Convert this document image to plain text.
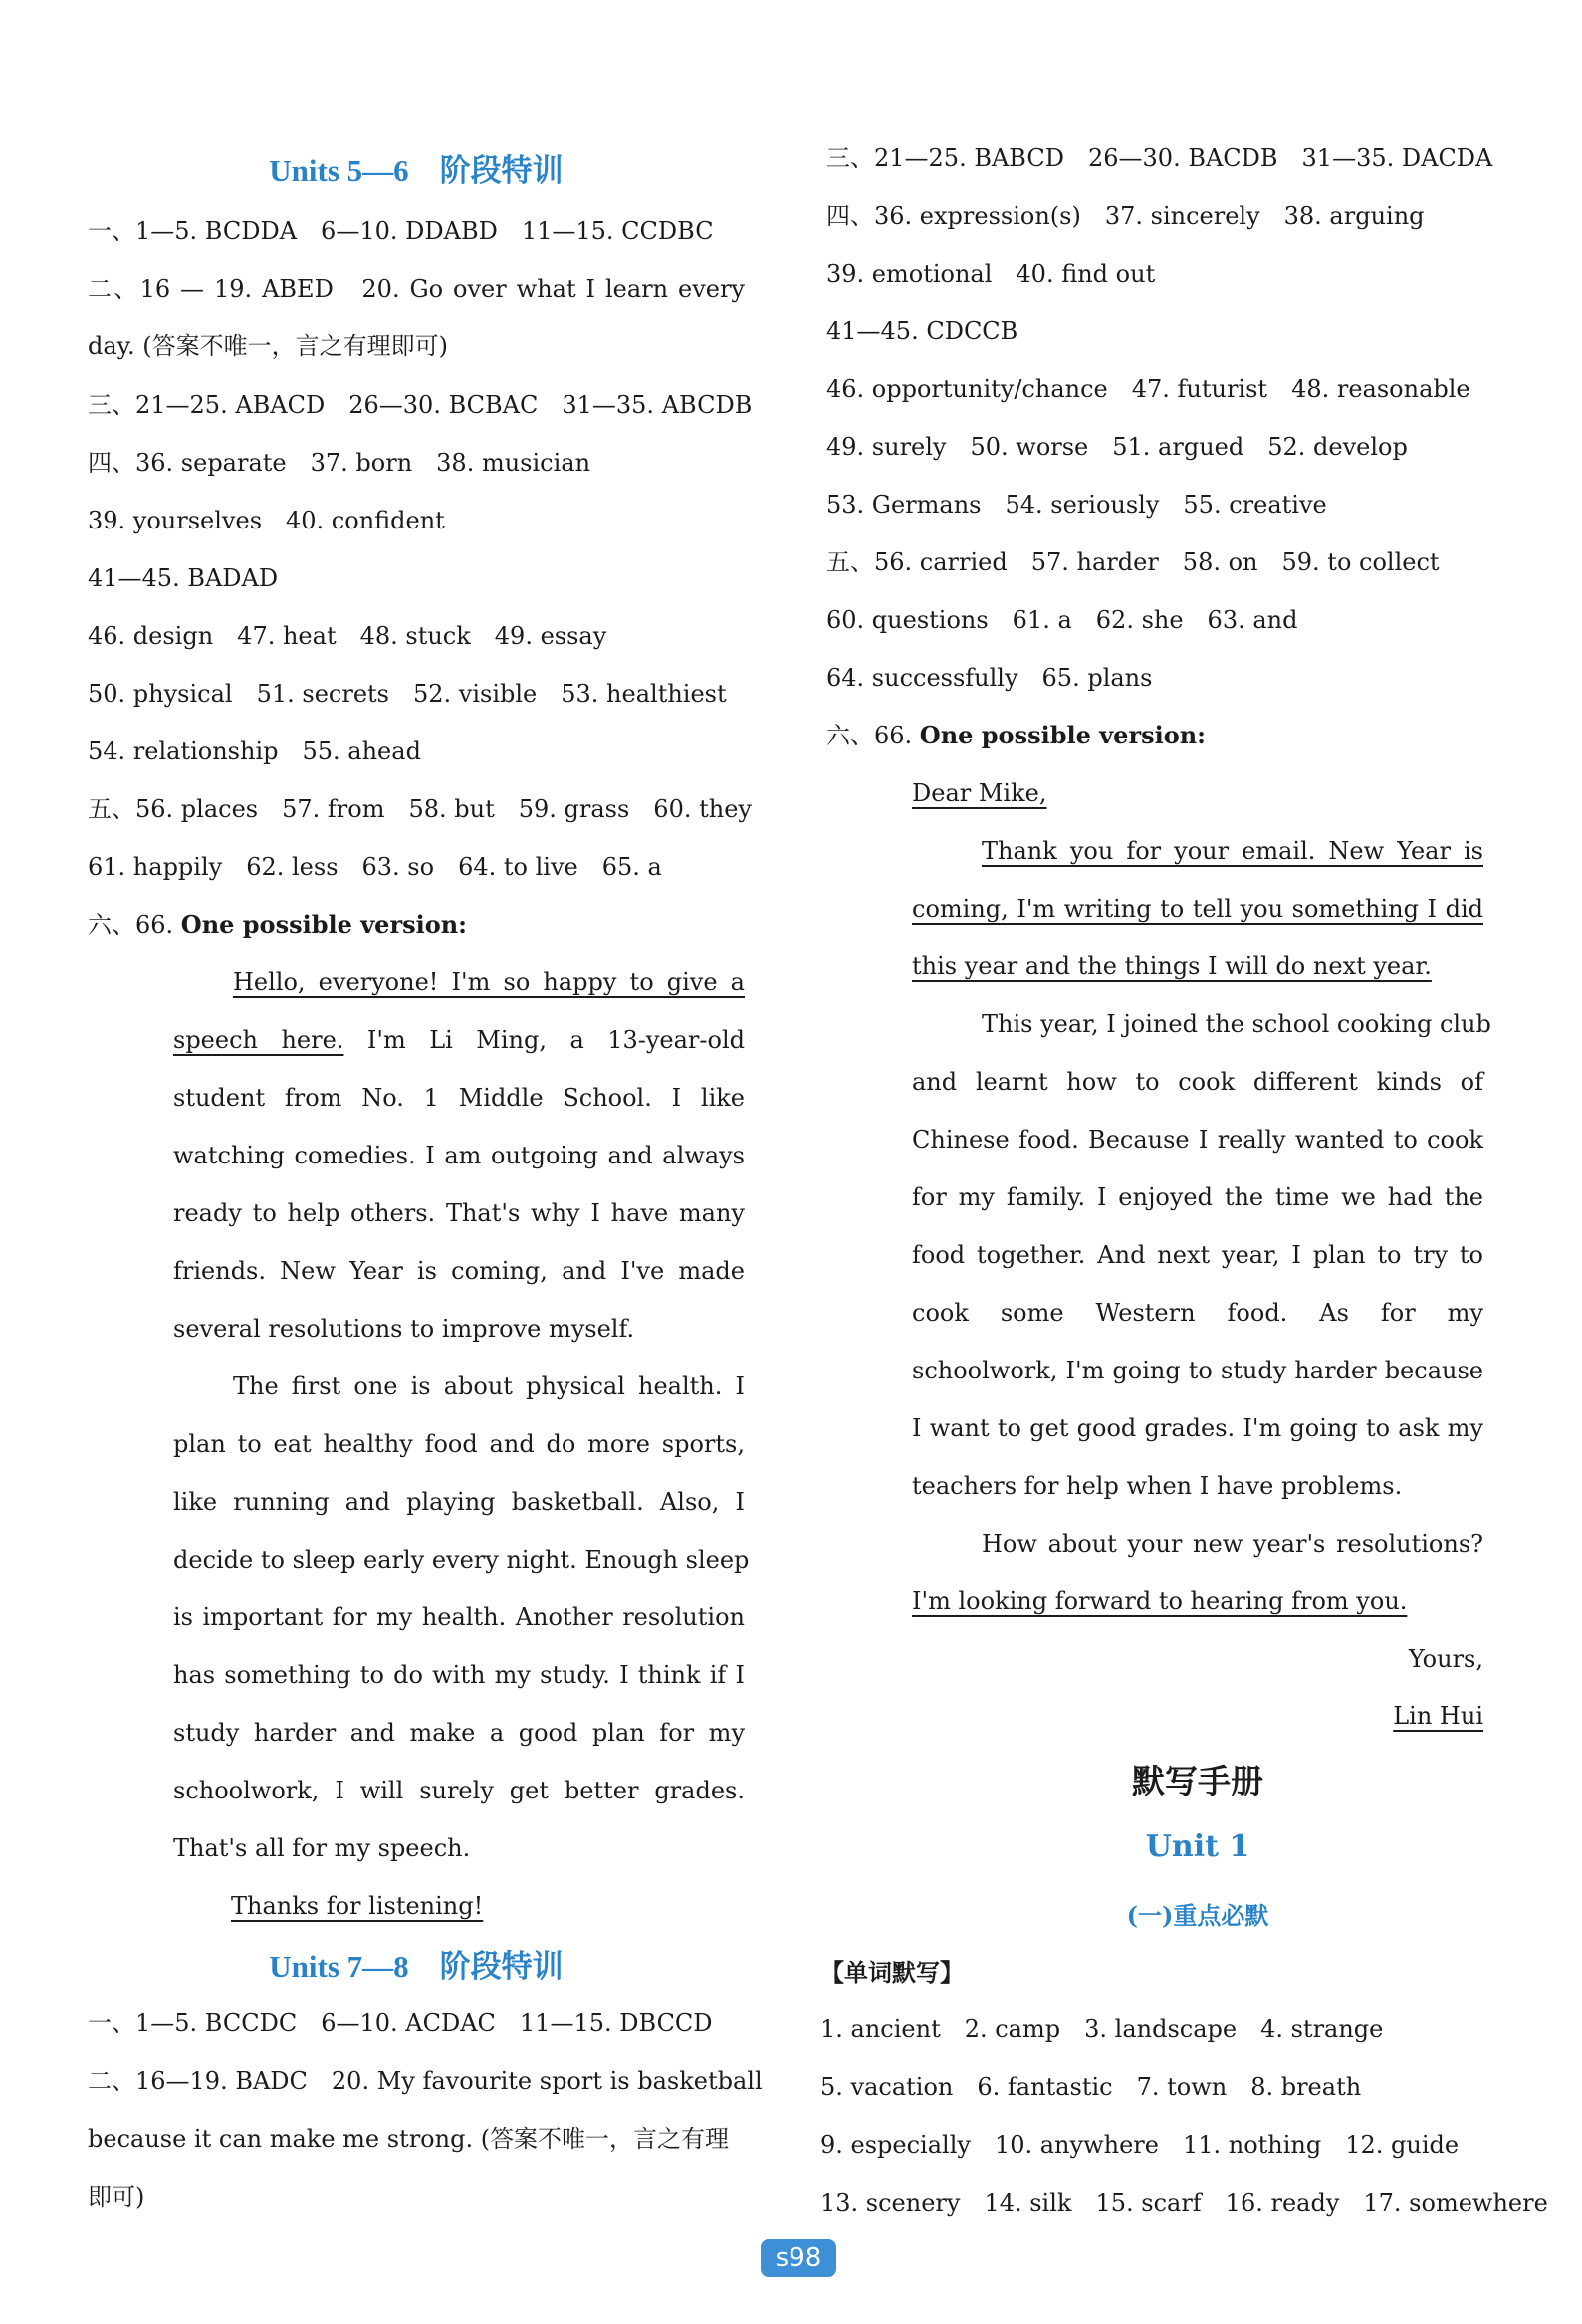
Units 5—6　阶段特训
一、1—5. BCDDA　6—10. DDABD　11—15. CCDBC
二、16 — 19. ABED　20. Go over what I learn every
day. (答案不唯一，言之有理即可)
三、21—25. ABACD　26—30. BCBAC　31—35. ABCDB
四、36. separate　37. born　38. musician
39. yourselves　40. confident
41—45. BADAD
46. design　47. heat　48. stuck　49. essay
50. physical　51. secrets　52. visible　53. healthiest
54. relationship　55. ahead
五、56. places　57. from　58. but　59. grass　60. they
61. happily　62. less　63. so　64. to live　65. a
六、66. One possible version:
Hello, everyone! I'm so happy to give a
speech here. I'm Li Ming, a 13-year-old
student from No. 1 Middle School. I like
watching comedies. I am outgoing and always
ready to help others. That's why I have many
friends. New Year is coming, and I've made
several resolutions to improve myself.
The first one is about physical health. I
plan to eat healthy food and do more sports,
like running and playing basketball. Also, I
decide to sleep early every night. Enough sleep
is important for my health. Another resolution
has something to do with my study. I think if I
study harder and make a good plan for my
schoolwork, I will surely get better grades.
That's all for my speech.
Thanks for listening!
Units 7—8　阶段特训
一、1—5. BCCDC　6—10. ACDAC　11—15. DBCCD
二、16—19. BADC　20. My favourite sport is basketball
because it can make me strong. (答案不唯一，言之有理
即可)
三、21—25. BABCD　26—30. BACDB　31—35. DACDA
四、36. expression(s)　37. sincerely　38. arguing
39. emotional　40. find out
41—45. CDCCB
46. opportunity/chance　47. futurist　48. reasonable
49. surely　50. worse　51. argued　52. develop
53. Germans　54. seriously　55. creative
五、56. carried　57. harder　58. on　59. to collect
60. questions　61. a　62. she　63. and
64. successfully　65. plans
六、66. One possible version:
Dear Mike,
Thank you for your email. New Year is
coming, I'm writing to tell you something I did
this year and the things I will do next year.
This year, I joined the school cooking club
and learnt how to cook different kinds of
Chinese food. Because I really wanted to cook
for my family. I enjoyed the time we had the
food together. And next year, I plan to try to
cook some Western food. As for my
schoolwork, I'm going to study harder because
I want to get good grades. I'm going to ask my
teachers for help when I have problems.
How about your new year's resolutions?
I'm looking forward to hearing from you.
Yours,
Lin Hui
默写手册
Unit 1
(一)重点必默
【单词默写】
1. ancient　2. camp　3. landscape　4. strange
5. vacation　6. fantastic　7. town　8. breath
9. especially　10. anywhere　11. nothing　12. guide
13. scenery　14. silk　15. scarf　16. ready　17. somewhere
s98
